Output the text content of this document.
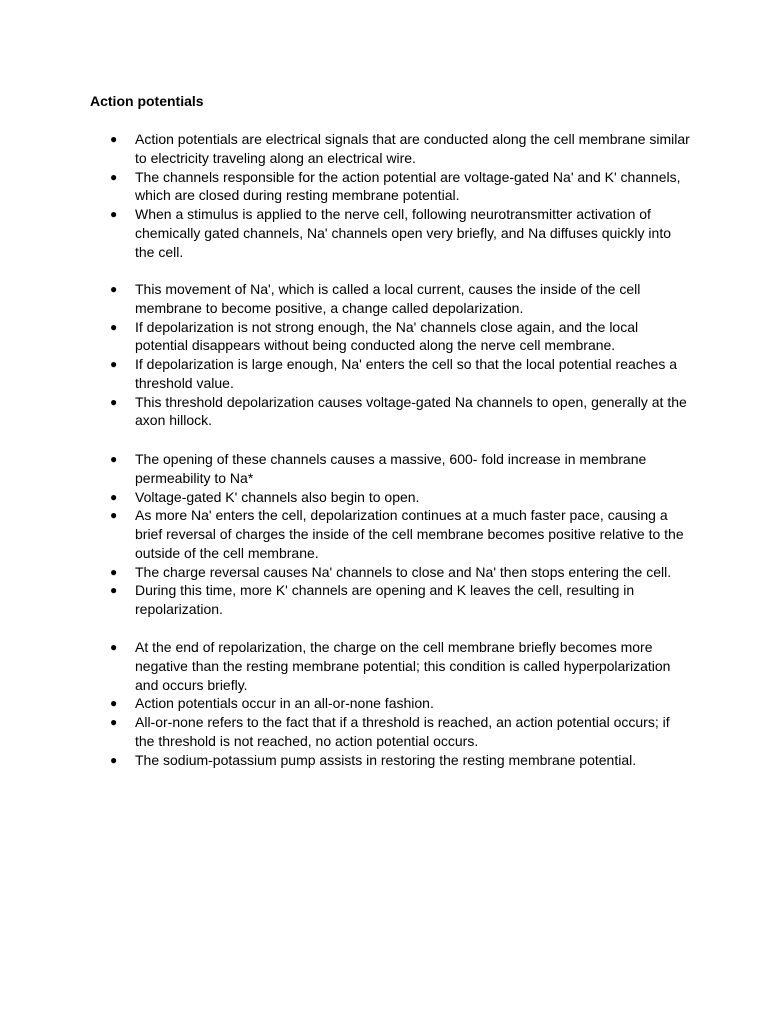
Action potentials
● Action potentials are electrical signals that are conducted along the cell membrane similar to electricity traveling along an electrical wire.
● The channels responsible for the action potential are voltage-gated Na' and K' channels, which are closed during resting membrane potential.
● When a stimulus is applied to the nerve cell, following neurotransmitter activation of chemically gated channels, Na' channels open very briefly, and Na diffuses quickly into the cell.
● This movement of Na', which is called a local current, causes the inside of the cell membrane to become positive, a change called depolarization.
● If depolarization is not strong enough, the Na' channels close again, and the local potential disappears without being conducted along the nerve cell membrane.
● If depolarization is large enough, Na' enters the cell so that the local potential reaches a threshold value.
● This threshold depolarization causes voltage-gated Na channels to open, generally at the axon hillock.
● The opening of these channels causes a massive, 600- fold increase in membrane permeability to Na*
● Voltage-gated K' channels also begin to open.
● As more Na' enters the cell, depolarization continues at a much faster pace, causing a brief reversal of charges the inside of the cell membrane becomes positive relative to the outside of the cell membrane.
● The charge reversal causes Na' channels to close and Na' then stops entering the cell.
● During this time, more K' channels are opening and K leaves the cell, resulting in repolarization.
● At the end of repolarization, the charge on the cell membrane briefly becomes more negative than the resting membrane potential; this condition is called hyperpolarization and occurs briefly.
● Action potentials occur in an all-or-none fashion.
● All-or-none refers to the fact that if a threshold is reached, an action potential occurs; if the threshold is not reached, no action potential occurs.
● The sodium-potassium pump assists in restoring the resting membrane potential.
